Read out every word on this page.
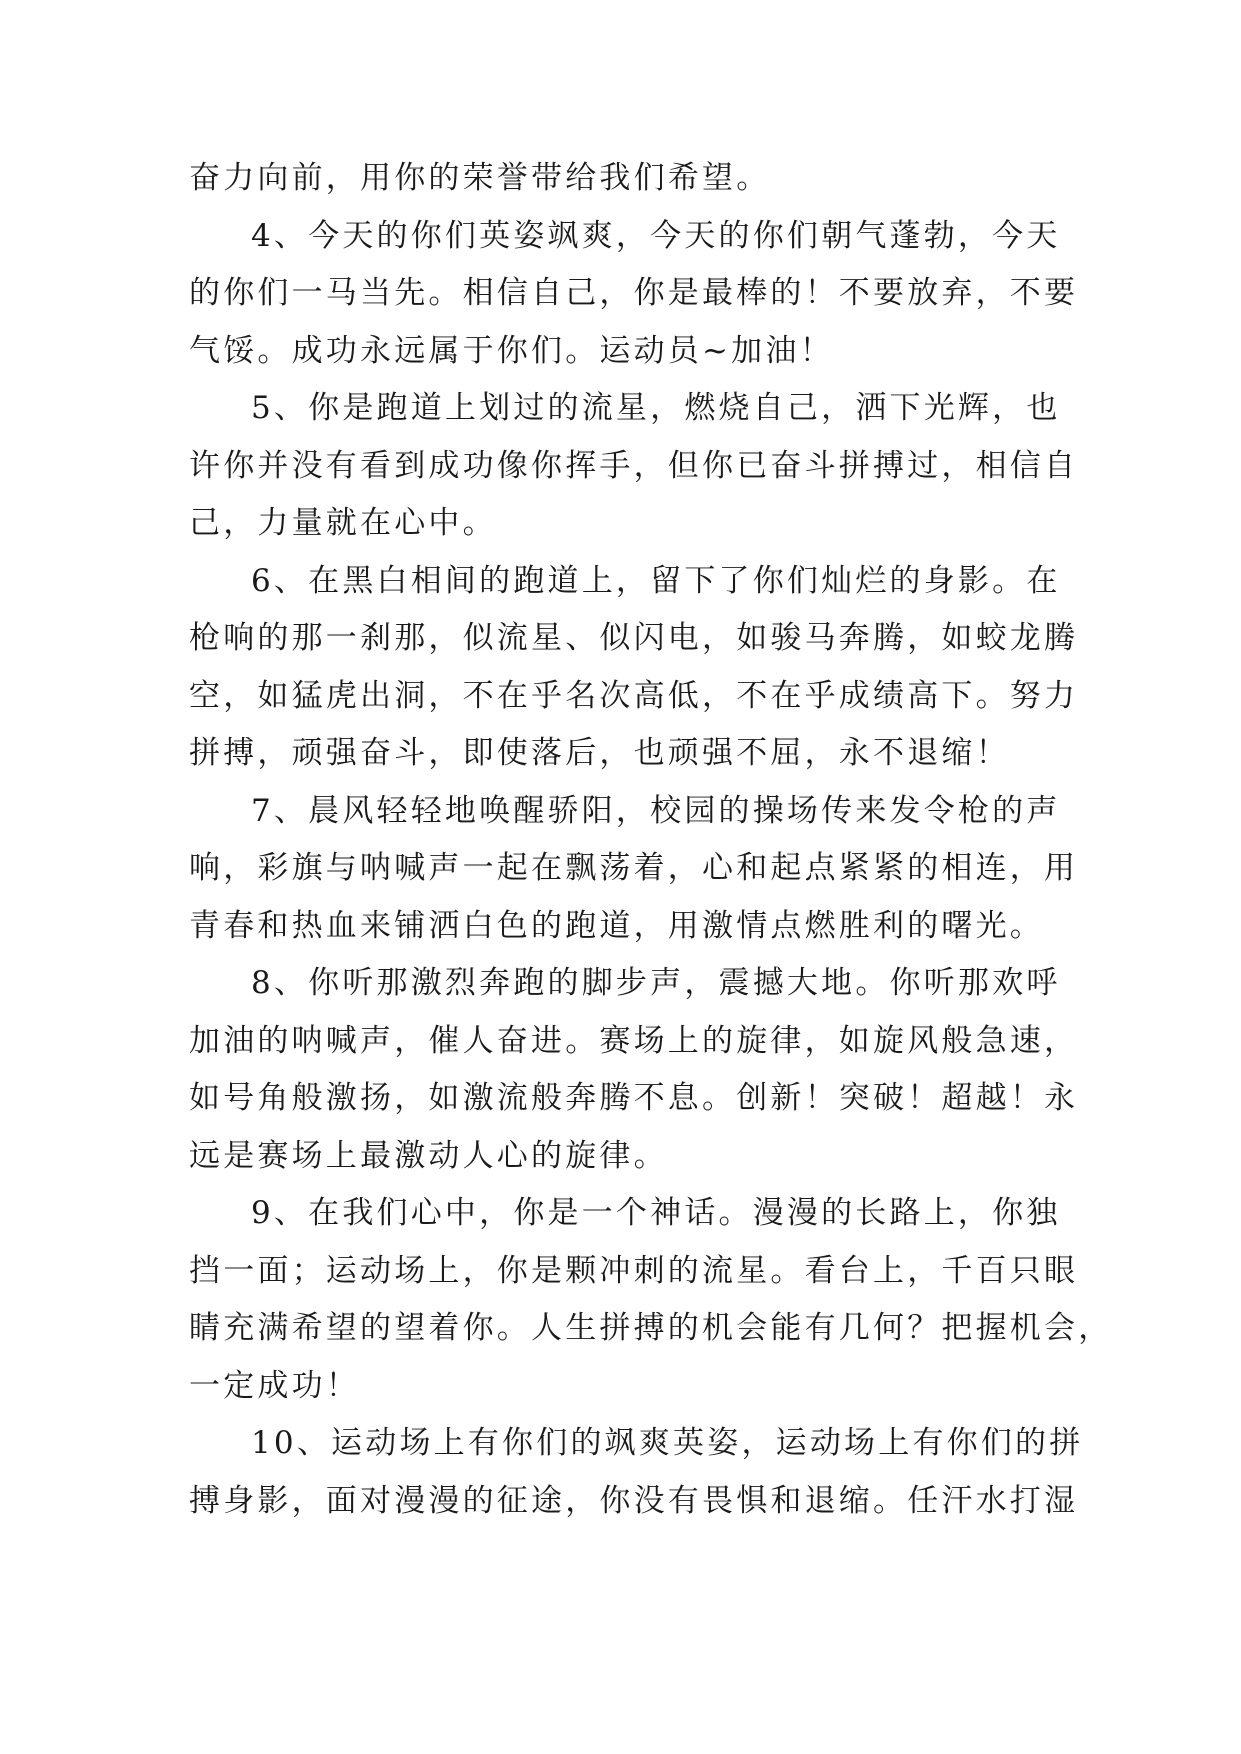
奋力向前，用你的荣誉带给我们希望。
4、今天的你们英姿飒爽，今天的你们朝气蓬勃，今天
的你们一马当先。相信自己，你是最棒的！不要放弃，不要
气馁。成功永远属于你们。运动员~加油！
5、你是跑道上划过的流星，燃烧自己，洒下光辉，也
许你并没有看到成功像你挥手，但你已奋斗拼搏过，相信自
己，力量就在心中。
6、在黑白相间的跑道上，留下了你们灿烂的身影。在
枪响的那一刹那，似流星、似闪电，如骏马奔腾，如蛟龙腾
空，如猛虎出洞，不在乎名次高低，不在乎成绩高下。努力
拼搏，顽强奋斗，即使落后，也顽强不屈，永不退缩！
7、晨风轻轻地唤醒骄阳，校园的操场传来发令枪的声
响，彩旗与呐喊声一起在飘荡着，心和起点紧紧的相连，用
青春和热血来铺洒白色的跑道，用激情点燃胜利的曙光。
8、你听那激烈奔跑的脚步声，震撼大地。你听那欢呼
加油的呐喊声，催人奋进。赛场上的旋律，如旋风般急速，
如号角般激扬，如激流般奔腾不息。创新！突破！超越！永
远是赛场上最激动人心的旋律。
9、在我们心中，你是一个神话。漫漫的长路上，你独
挡一面；运动场上，你是颗冲刺的流星。看台上，千百只眼
睛充满希望的望着你。人生拼搏的机会能有几何？把握机会，
一定成功！
10、运动场上有你们的飒爽英姿，运动场上有你们的拼
搏身影，面对漫漫的征途，你没有畏惧和退缩。任汗水打湿
